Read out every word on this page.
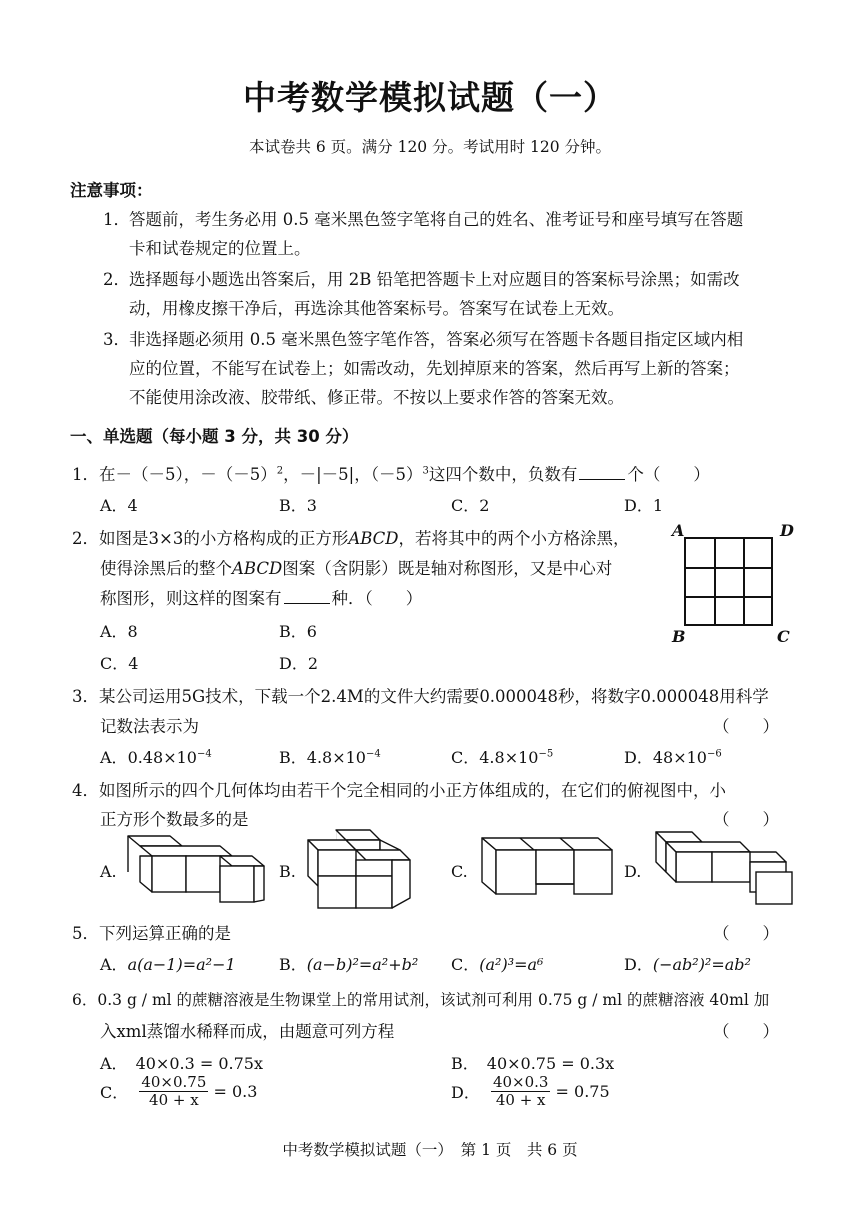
中考数学模拟试题（一）
本试卷共 6 页。满分 120 分。考试用时 120 分钟。
注意事项：
1． 答题前，考生务必用 0.5 毫米黑色签字笔将自己的姓名、准考证号和座号填写在答题
卡和试卷规定的位置上。
2． 选择题每小题选出答案后，用 2B 铅笔把答题卡上对应题目的答案标号涂黑；如需改
动，用橡皮擦干净后，再选涂其他答案标号。答案写在试卷上无效。
3． 非选择题必须用 0.5 毫米黑色签字笔作答，答案必须写在答题卡各题目指定区域内相
应的位置，不能写在试卷上；如需改动，先划掉原来的答案，然后再写上新的答案；
不能使用涂改液、胶带纸、修正带。不按以上要求作答的答案无效。
一、单选题（每小题 3 分，共 30 分）
1．在－（－5），$-(-5)^2$，－|－5|，$(-5)^3$这四个数中，负数有	个（　　）
A．4	B．3	C．2	D．1
2．如图是3×3的小方格构成的正方形ABCD，若将其中的两个小方格涂黑，
使得涂黑后的整个ABCD图案（含阴影）既是轴对称图形，又是中心对
称图形，则这样的图案有	种．（　　）
A．8	B．6
C．4	D．2
A	D
B	C
3．某公司运用5G技术，下载一个2.4M的文件大约需要0.000048秒，将数字0.000048用科学
记数法表示为	（　　）
A．$0.48\times 10^{-4}$	B．$4.8\times 10^{-4}$	C．$4.8\times 10^{-5}$	D．$48\times 10^{-6}$
4．如图所示的四个几何体均由若干个完全相同的小正方体组成的，在它们的俯视图中，小
正方形个数最多的是	（　　）
A.	B.	C.	D.
5．下列运算正确的是	（　　）
A．a(a−1)=a²−1	B．(a−b)²=a²+b² C．(a²)³=a⁶	D．(−ab²)²=ab²
6．0.3 g / ml 的蔗糖溶液是生物课堂上的常用试剂，该试剂可利用 0.75 g / ml 的蔗糖溶液 40ml 加
入xml蒸馏水稀释而成，由题意可列方程	（　　）
A． 40×0.3 = 0.75x	B． 40×0.75 = 0.3x
C． $\frac{40\times 0.75}{40 + x} = 0.3$	D． $\frac{40\times 0.3}{40 + x} = 0.75$
中考数学模拟试题（一）　第 1 页　共 6 页
